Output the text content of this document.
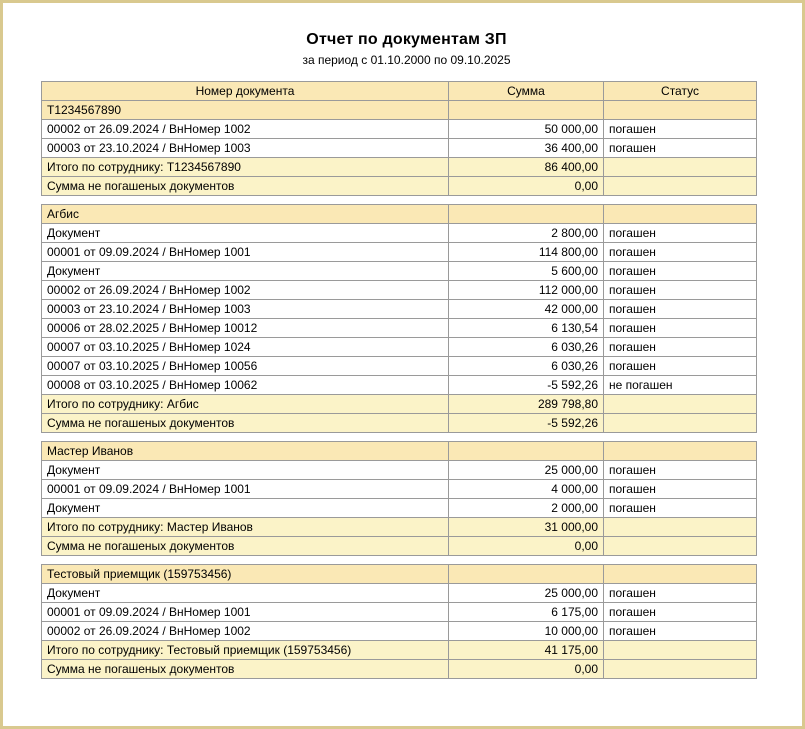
Отчет по документам ЗП
за период с 01.10.2000 по 09.10.2025
Номер документа	Сумма	Статус
Т1234567890		
00002 от 26.09.2024 / ВнНомер 1002	50 000,00	погашен
00003 от 23.10.2024 / ВнНомер 1003	36 400,00	погашен
Итого по сотруднику: Т1234567890	86 400,00	
Сумма не погашеных документов	0,00	

Агбис		
Документ	2 800,00	погашен
00001 от 09.09.2024 / ВнНомер 1001	114 800,00	погашен
Документ	5 600,00	погашен
00002 от 26.09.2024 / ВнНомер 1002	112 000,00	погашен
00003 от 23.10.2024 / ВнНомер 1003	42 000,00	погашен
00006 от 28.02.2025 / ВнНомер 10012	6 130,54	погашен
00007 от 03.10.2025 / ВнНомер 1024	6 030,26	погашен
00007 от 03.10.2025 / ВнНомер 10056	6 030,26	погашен
00008 от 03.10.2025 / ВнНомер 10062	-5 592,26	не погашен
Итого по сотруднику: Агбис	289 798,80	
Сумма не погашеных документов	-5 592,26	

Мастер Иванов		
Документ	25 000,00	погашен
00001 от 09.09.2024 / ВнНомер 1001	4 000,00	погашен
Документ	2 000,00	погашен
Итого по сотруднику: Мастер Иванов	31 000,00	
Сумма не погашеных документов	0,00	

Тестовый приемщик (159753456)		
Документ	25 000,00	погашен
00001 от 09.09.2024 / ВнНомер 1001	6 175,00	погашен
00002 от 26.09.2024 / ВнНомер 1002	10 000,00	погашен
Итого по сотруднику: Тестовый приемщик (159753456)	41 175,00	
Сумма не погашеных документов	0,00	
